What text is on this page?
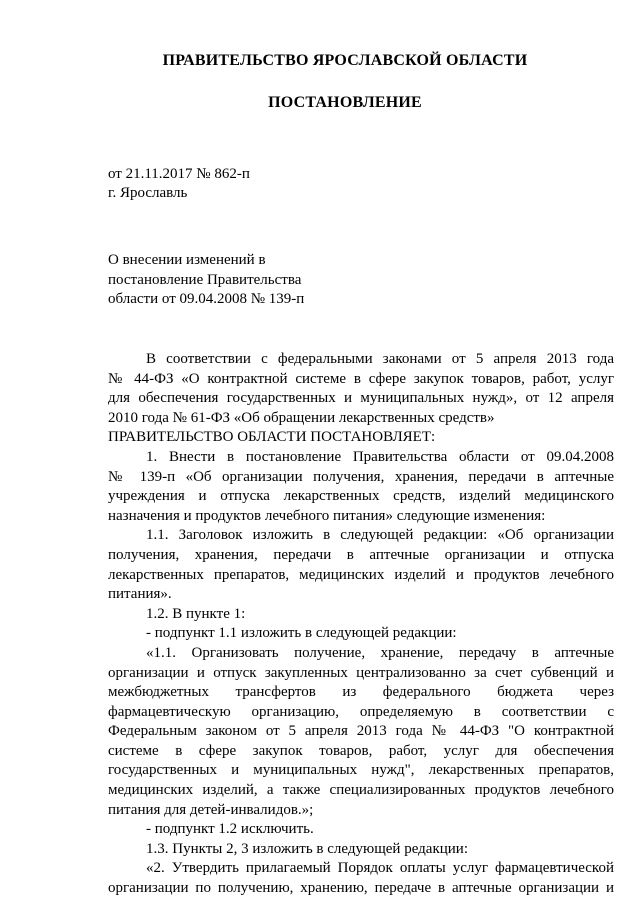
ПРАВИТЕЛЬСТВО ЯРОСЛАВСКОЙ ОБЛАСТИ
ПОСТАНОВЛЕНИЕ
от 21.11.2017 № 862-п
г. Ярославль
О внесении изменений в
постановление Правительства
области от 09.04.2008 № 139-п
В соответствии с федеральными законами от 5 апреля 2013 года
№ 44-ФЗ «О контрактной системе в сфере закупок товаров, работ, услуг
для обеспечения государственных и муниципальных нужд», от 12 апреля
2010 года № 61-ФЗ «Об обращении лекарственных средств»
ПРАВИТЕЛЬСТВО ОБЛАСТИ ПОСТАНОВЛЯЕТ:
1. Внести в постановление Правительства области от 09.04.2008
№ 139-п «Об организации получения, хранения, передачи в аптечные
учреждения и отпуска лекарственных средств, изделий медицинского
назначения и продуктов лечебного питания» следующие изменения:
1.1. Заголовок изложить в следующей редакции: «Об организации
получения, хранения, передачи в аптечные организации и отпуска
лекарственных препаратов, медицинских изделий и продуктов лечебного
питания».
1.2. В пункте 1:
- подпункт 1.1 изложить в следующей редакции:
«1.1. Организовать получение, хранение, передачу в аптечные
организации и отпуск закупленных централизованно за счет субвенций и
межбюджетных трансфертов из федерального бюджета через
фармацевтическую организацию, определяемую в соответствии с
Федеральным законом от 5 апреля 2013 года № 44-ФЗ "О контрактной
системе в сфере закупок товаров, работ, услуг для обеспечения
государственных и муниципальных нужд", лекарственных препаратов,
медицинских изделий, а также специализированных продуктов лечебного
питания для детей-инвалидов.»;
- подпункт 1.2 исключить.
1.3. Пункты 2, 3 изложить в следующей редакции:
«2. Утвердить прилагаемый Порядок оплаты услуг фармацевтической
организации по получению, хранению, передаче в аптечные организации и
